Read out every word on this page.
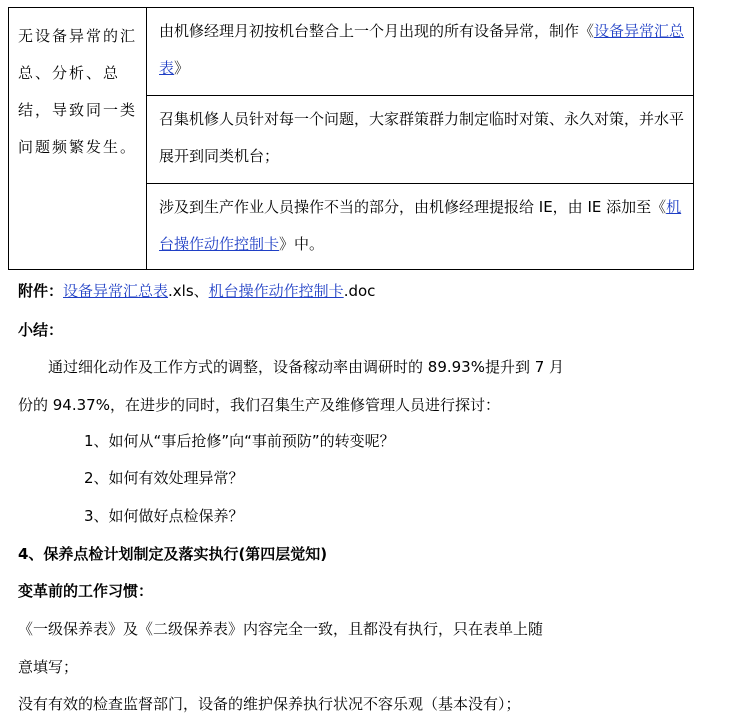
无设备异常的汇总、分析、总结，导致同一类问题频繁发生。
由机修经理月初按机台整合上一个月出现的所有设备异常，制作《设备异常汇总表》
召集机修人员针对每一个问题，大家群策群力制定临时对策、永久对策，并水平展开到同类机台；
涉及到生产作业人员操作不当的部分，由机修经理提报给 IE，由 IE 添加至《机台操作动作控制卡》中。
附件：设备异常汇总表.xls、机台操作动作控制卡.doc
小结：
通过细化动作及工作方式的调整，设备稼动率由调研时的 89.93%提升到 7 月
份的 94.37%，在进步的同时，我们召集生产及维修管理人员进行探讨：
1、如何从“事后抢修”向“事前预防”的转变呢？
2、如何有效处理异常？
3、如何做好点检保养？
4、保养点检计划制定及落实执行(第四层觉知)
变革前的工作习惯：
《一级保养表》及《二级保养表》内容完全一致，且都没有执行，只在表单上随
意填写；
没有有效的检查监督部门，设备的维护保养执行状况不容乐观（基本没有）；
